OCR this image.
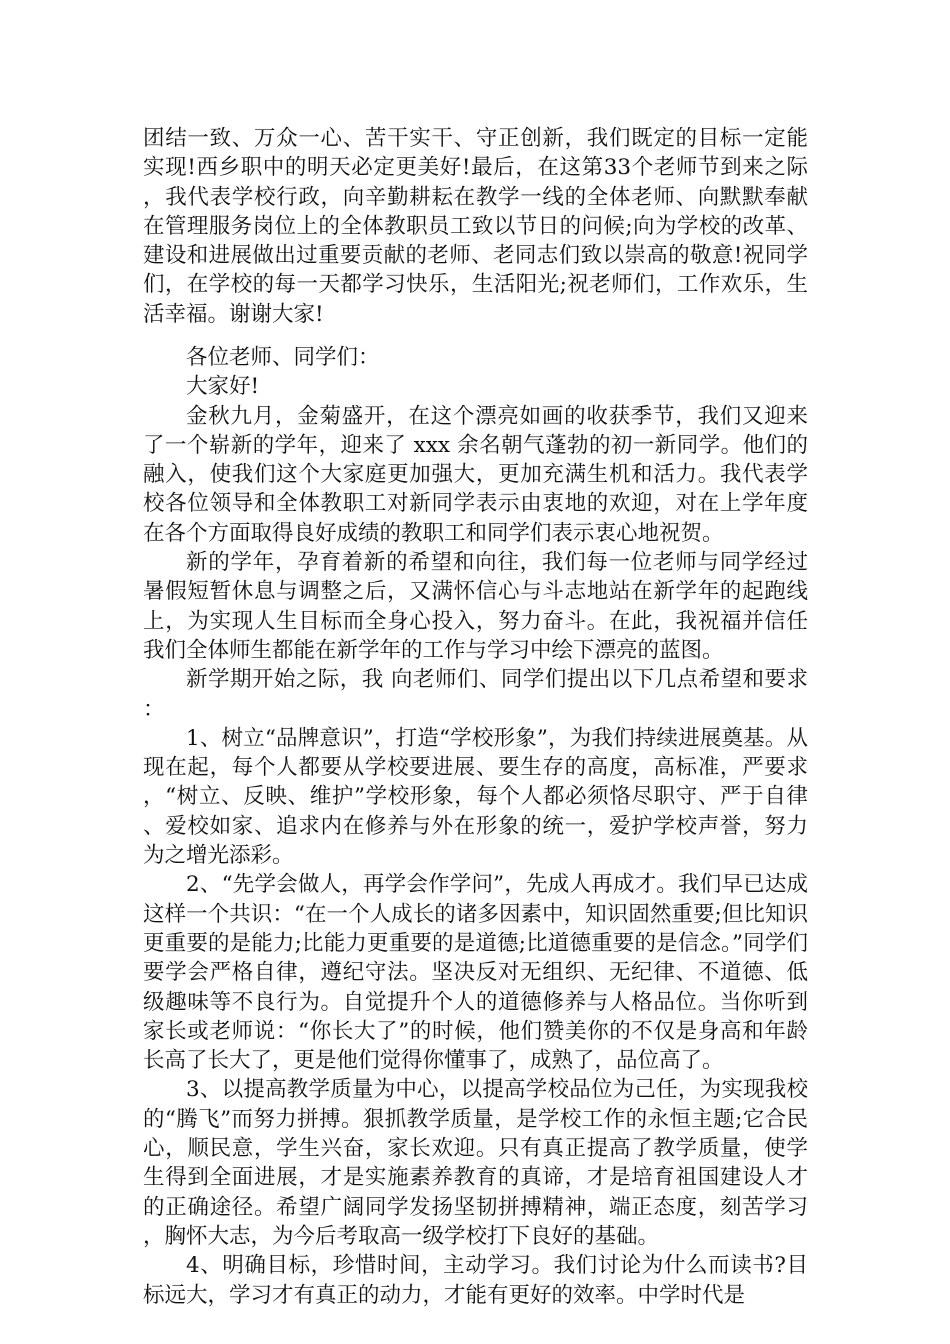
团结一致、万众一心、苦干实干、守正创新，我们既定的目标一定能实现!西乡职中的明天必定更美好!最后，在这第33个老师节到来之际，我代表学校行政，向辛勤耕耘在教学一线的全体老师、向默默奉献在管理服务岗位上的全体教职员工致以节日的问候;向为学校的改革、建设和进展做出过重要贡献的老师、老同志们致以崇高的敬意!祝同学们，在学校的每一天都学习快乐，生活阳光;祝老师们，工作欢乐，生活幸福。谢谢大家!

各位老师、同学们：

大家好!

金秋九月，金菊盛开，在这个漂亮如画的收获季节，我们又迎来了一个崭新的学年，迎来了 xxx 余名朝气蓬勃的初一新同学。他们的融入，使我们这个大家庭更加强大，更加充满生机和活力。我代表学校各位领导和全体教职工对新同学表示由衷地的欢迎，对在上学年度在各个方面取得良好成绩的教职工和同学们表示衷心地祝贺。

新的学年，孕育着新的希望和向往，我们每一位老师与同学经过暑假短暂休息与调整之后，又满怀信心与斗志地站在新学年的起跑线上，为实现人生目标而全身心投入，努力奋斗。在此，我祝福并信任我们全体师生都能在新学年的工作与学习中绘下漂亮的蓝图。

新学期开始之际，我 向老师们、同学们提出以下几点希望和要求：

1、树立“品牌意识”，打造“学校形象”，为我们持续进展奠基。从现在起，每个人都要从学校要进展、要生存的高度，高标准，严要求，“树立、反映、维护”学校形象，每个人都必须恪尽职守、严于自律、爱校如家、追求内在修养与外在形象的统一，爱护学校声誉，努力为之增光添彩。

2、“先学会做人，再学会作学问”，先成人再成才。我们早已达成这样一个共识：“在一个人成长的诸多因素中，知识固然重要;但比知识更重要的是能力;比能力更重要的是道德;比道德重要的是信念。”同学们要学会严格自律，遵纪守法。坚决反对无组织、无纪律、不道德、低级趣味等不良行为。自觉提升个人的道德修养与人格品位。当你听到家长或老师说：“你长大了”的时候，他们赞美你的不仅是身高和年龄长高了长大了，更是他们觉得你懂事了，成熟了，品位高了。

3、以提高教学质量为中心，以提高学校品位为己任，为实现我校的“腾飞”而努力拼搏。狠抓教学质量，是学校工作的永恒主题;它合民心，顺民意，学生兴奋，家长欢迎。只有真正提高了教学质量，使学生得到全面进展，才是实施素养教育的真谛，才是培育祖国建设人才的正确途径。希望广阔同学发扬坚韧拼搏精神，端正态度，刻苦学习，胸怀大志，为今后考取高一级学校打下良好的基础。

4、明确目标，珍惜时间，主动学习。我们讨论为什么而读书?目标远大，学习才有真正的动力，才能有更好的效率。中学时代是
